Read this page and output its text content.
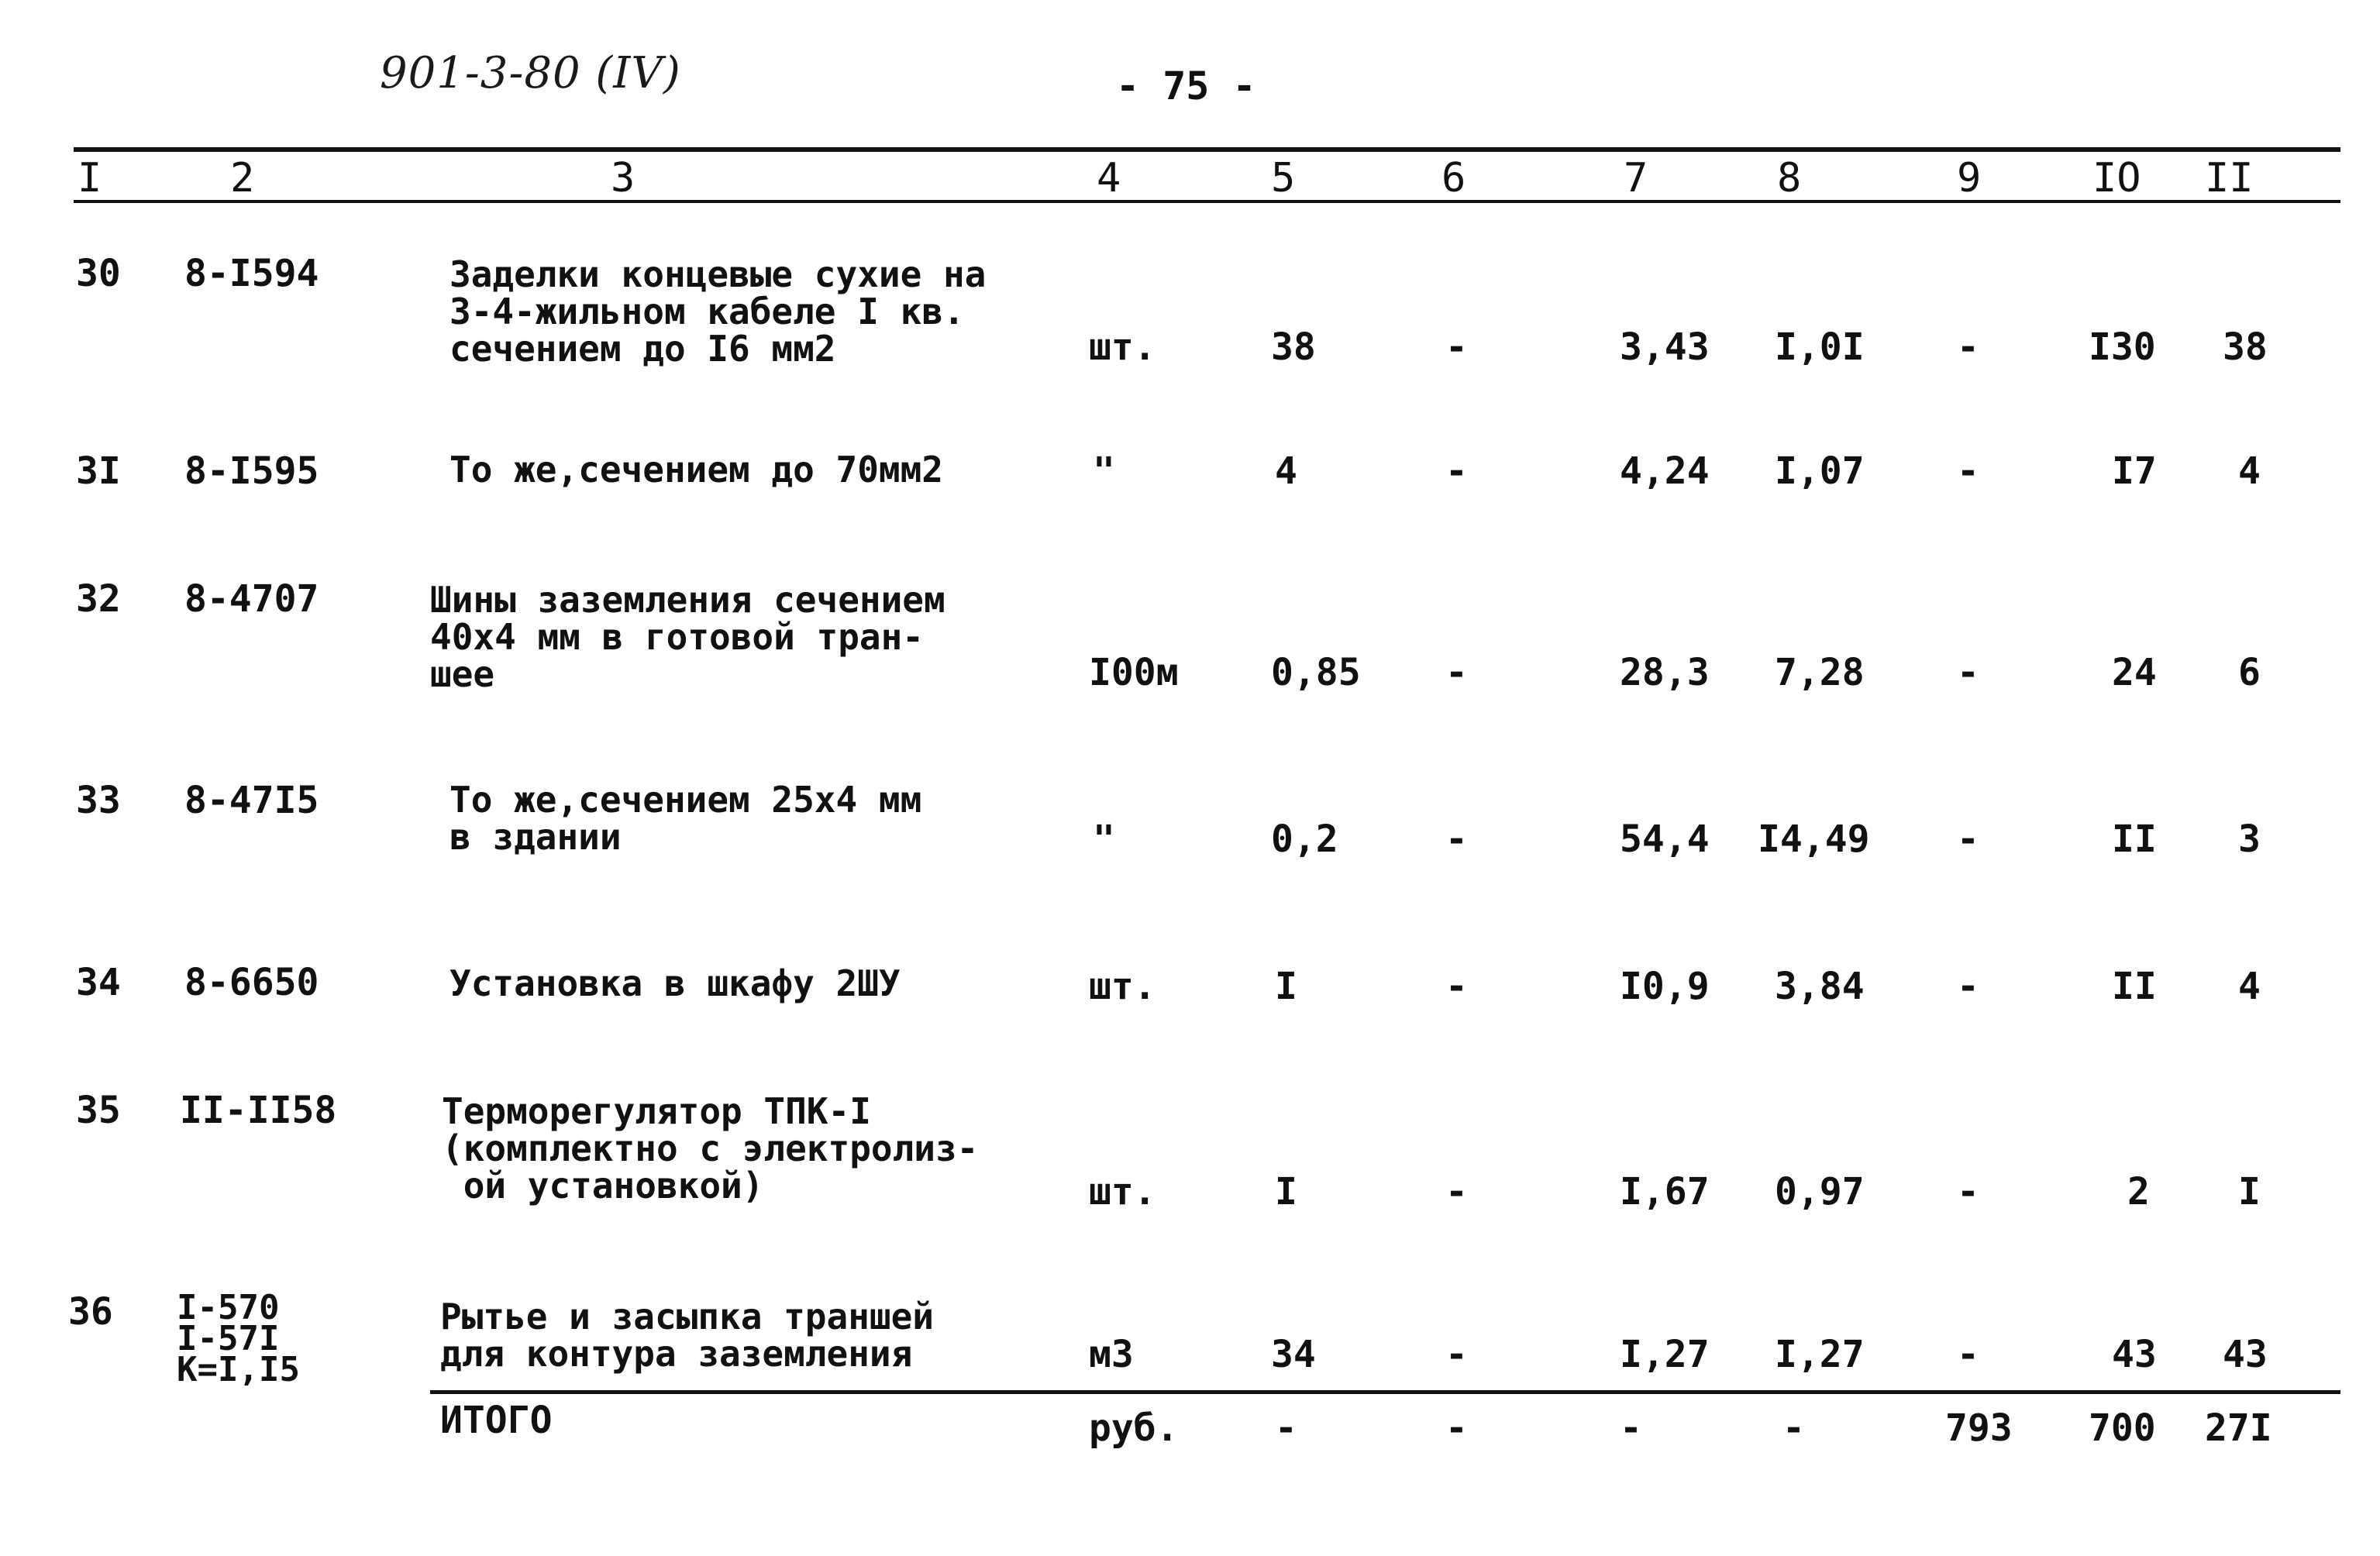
901-3-80 (IV)	- 75 -
I	2	3	4	5	6	7	8	9	IO II
30 8-I594	Заделки концевые сухие на
3-4-жильном кабеле I кв.
сечением до I6 мм2	шт.	38	-	3,43 I,0I -	I30 38
3I 8-I595	То же,сечением до 70мм2	"	4	-	4,24 I,07 -	I7 4
32 8-4707	Шины заземления сечением
40х4 мм в готовой тран-
шее	I00м 0,85 -	28,3 7,28 -	24 6
33 8-47I5	То же,сечением 25х4 мм
в здании	"	0,2	-	54,4 I4,49 -	II 3
34 8-6650	Установка в шкафу 2ШУ	шт.	I	-	I0,9 3,84 -	II 4
35 II-II58	Терморегулятор ТПК-I
(комплектно с электролиз-
ой установкой)	шт.	I	-	I,67 0,97 -	2 I
36 I-570
I-57I
К=I,I5
Рытье и засыпка траншей
для контура заземления	м3	34	-	I,27 I,27 -	43 43
ИТОГО	руб.	-	-	-	-	793 700 27I
